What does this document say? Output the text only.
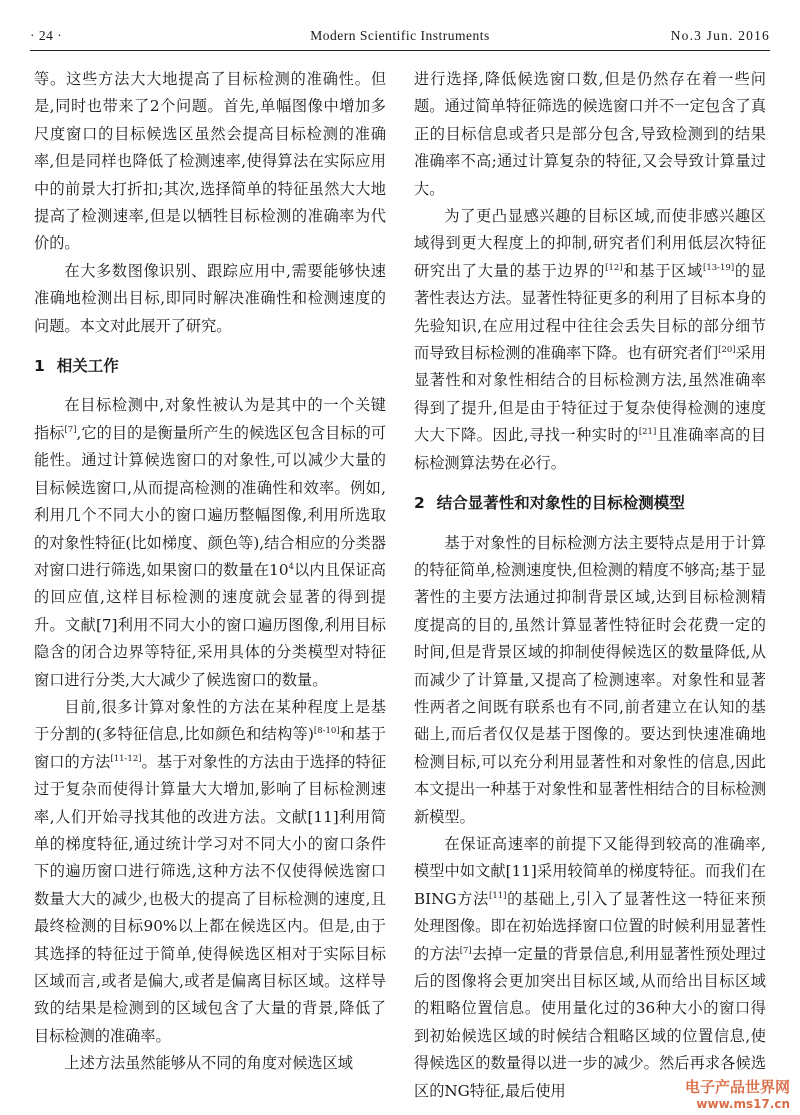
· 24 ·	Modern Scientific Instruments	No.3 Jun. 2016

等。这些方法大大地提高了目标检测的准确性。但是,同时也带来了2个问题。首先,单幅图像中增加多尺度窗口的目标候选区虽然会提高目标检测的准确率,但是同样也降低了检测速率,使得算法在实际应用中的前景大打折扣;其次,选择简单的特征虽然大大地提高了检测速率,但是以牺牲目标检测的准确率为代价的。

在大多数图像识别、跟踪应用中,需要能够快速准确地检测出目标,即同时解决准确性和检测速度的问题。本文对此展开了研究。

1 相关工作

在目标检测中,对象性被认为是其中的一个关键指标[7],它的目的是衡量所产生的候选区包含目标的可能性。通过计算候选窗口的对象性,可以减少大量的目标候选窗口,从而提高检测的准确性和效率。例如,利用几个不同大小的窗口遍历整幅图像,利用所选取的对象性特征(比如梯度、颜色等),结合相应的分类器对窗口进行筛选,如果窗口的数量在$10^4$以内且保证高的回应值,这样目标检测的速度就会显著的得到提升。文献[7]利用不同大小的窗口遍历图像,利用目标隐含的闭合边界等特征,采用具体的分类模型对特征窗口进行分类,大大减少了候选窗口的数量。

目前,很多计算对象性的方法在某种程度上是基于分割的(多特征信息,比如颜色和结构等)[8-10]和基于窗口的方法[11-12]。基于对象性的方法由于选择的特征过于复杂而使得计算量大大增加,影响了目标检测速率,人们开始寻找其他的改进方法。文献[11]利用简单的梯度特征,通过统计学习对不同大小的窗口条件下的遍历窗口进行筛选,这种方法不仅使得候选窗口数量大大的减少,也极大的提高了目标检测的速度,且最终检测的目标90%以上都在候选区内。但是,由于其选择的特征过于简单,使得候选区相对于实际目标区域而言,或者是偏大,或者是偏离目标区域。这样导致的结果是检测到的区域包含了大量的背景,降低了目标检测的准确率。

上述方法虽然能够从不同的角度对候选区域

进行选择,降低候选窗口数,但是仍然存在着一些问题。通过简单特征筛选的候选窗口并不一定包含了真正的目标信息或者只是部分包含,导致检测到的结果准确率不高;通过计算复杂的特征,又会导致计算量过大。

为了更凸显感兴趣的目标区域,而使非感兴趣区域得到更大程度上的抑制,研究者们利用低层次特征研究出了大量的基于边界的[12]和基于区域[13-19]的显著性表达方法。显著性特征更多的利用了目标本身的先验知识,在应用过程中往往会丢失目标的部分细节而导致目标检测的准确率下降。也有研究者们[20]采用显著性和对象性相结合的目标检测方法,虽然准确率得到了提升,但是由于特征过于复杂使得检测的速度大大下降。因此,寻找一种实时的[21]且准确率高的目标检测算法势在必行。

2 结合显著性和对象性的目标检测模型

基于对象性的目标检测方法主要特点是用于计算的特征简单,检测速度快,但检测的精度不够高;基于显著性的主要方法通过抑制背景区域,达到目标检测精度提高的目的,虽然计算显著性特征时会花费一定的时间,但是背景区域的抑制使得候选区的数量降低,从而减少了计算量,又提高了检测速率。对象性和显著性两者之间既有联系也有不同,前者建立在认知的基础上,而后者仅仅是基于图像的。要达到快速准确地检测目标,可以充分利用显著性和对象性的信息,因此本文提出一种基于对象性和显著性相结合的目标检测新模型。

在保证高速率的前提下又能得到较高的准确率,模型中如文献[11]采用较简单的梯度特征。而我们在BING方法[11]的基础上,引入了显著性这一特征来预处理图像。即在初始选择窗口位置的时候利用显著性的方法[7]去掉一定量的背景信息,利用显著性预处理过后的图像将会更加突出目标区域,从而给出目标区域的粗略位置信息。使用量化过的36种大小的窗口得到初始候选区域的时候结合粗略区域的位置信息,使得候选区的数量得以进一步的减少。然后再求各候选区的NG特征,最后使用	电子产品世界网
www.ms17.cn
